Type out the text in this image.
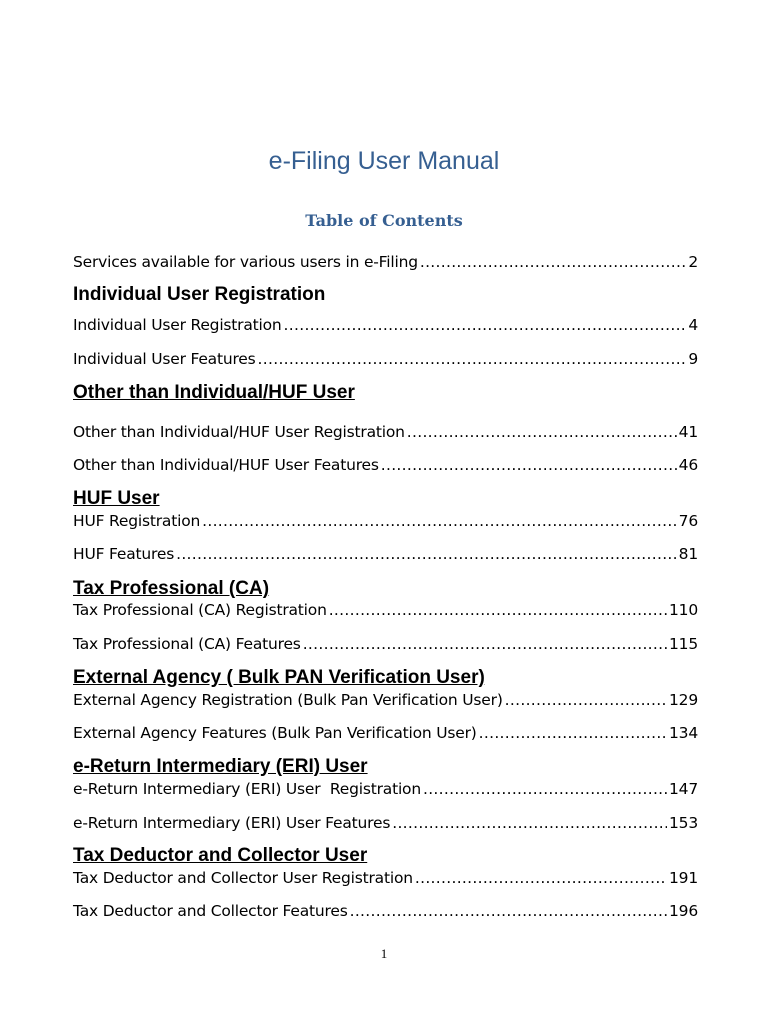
e-Filing User Manual
Table of Contents
Services available for various users in e-Filing .....	2
Individual User Registration
Individual User Registration .....	4
Individual User Features .....	9
Other than Individual/HUF User
Other than Individual/HUF User Registration .....	41
Other than Individual/HUF User Features .....	46
HUF User
HUF Registration .....	76
HUF Features .....	81
Tax Professional (CA)
Tax Professional (CA) Registration .....	110
Tax Professional (CA) Features .....	115
External Agency ( Bulk PAN Verification User)
External Agency Registration (Bulk Pan Verification User) .....	129
External Agency Features (Bulk Pan Verification User) .....	134
e-Return Intermediary (ERI) User
e-Return Intermediary (ERI) User  Registration .....	147
e-Return Intermediary (ERI) User Features .....	153
Tax Deductor and Collector User
Tax Deductor and Collector User Registration .....	191
Tax Deductor and Collector Features .....	196
1
